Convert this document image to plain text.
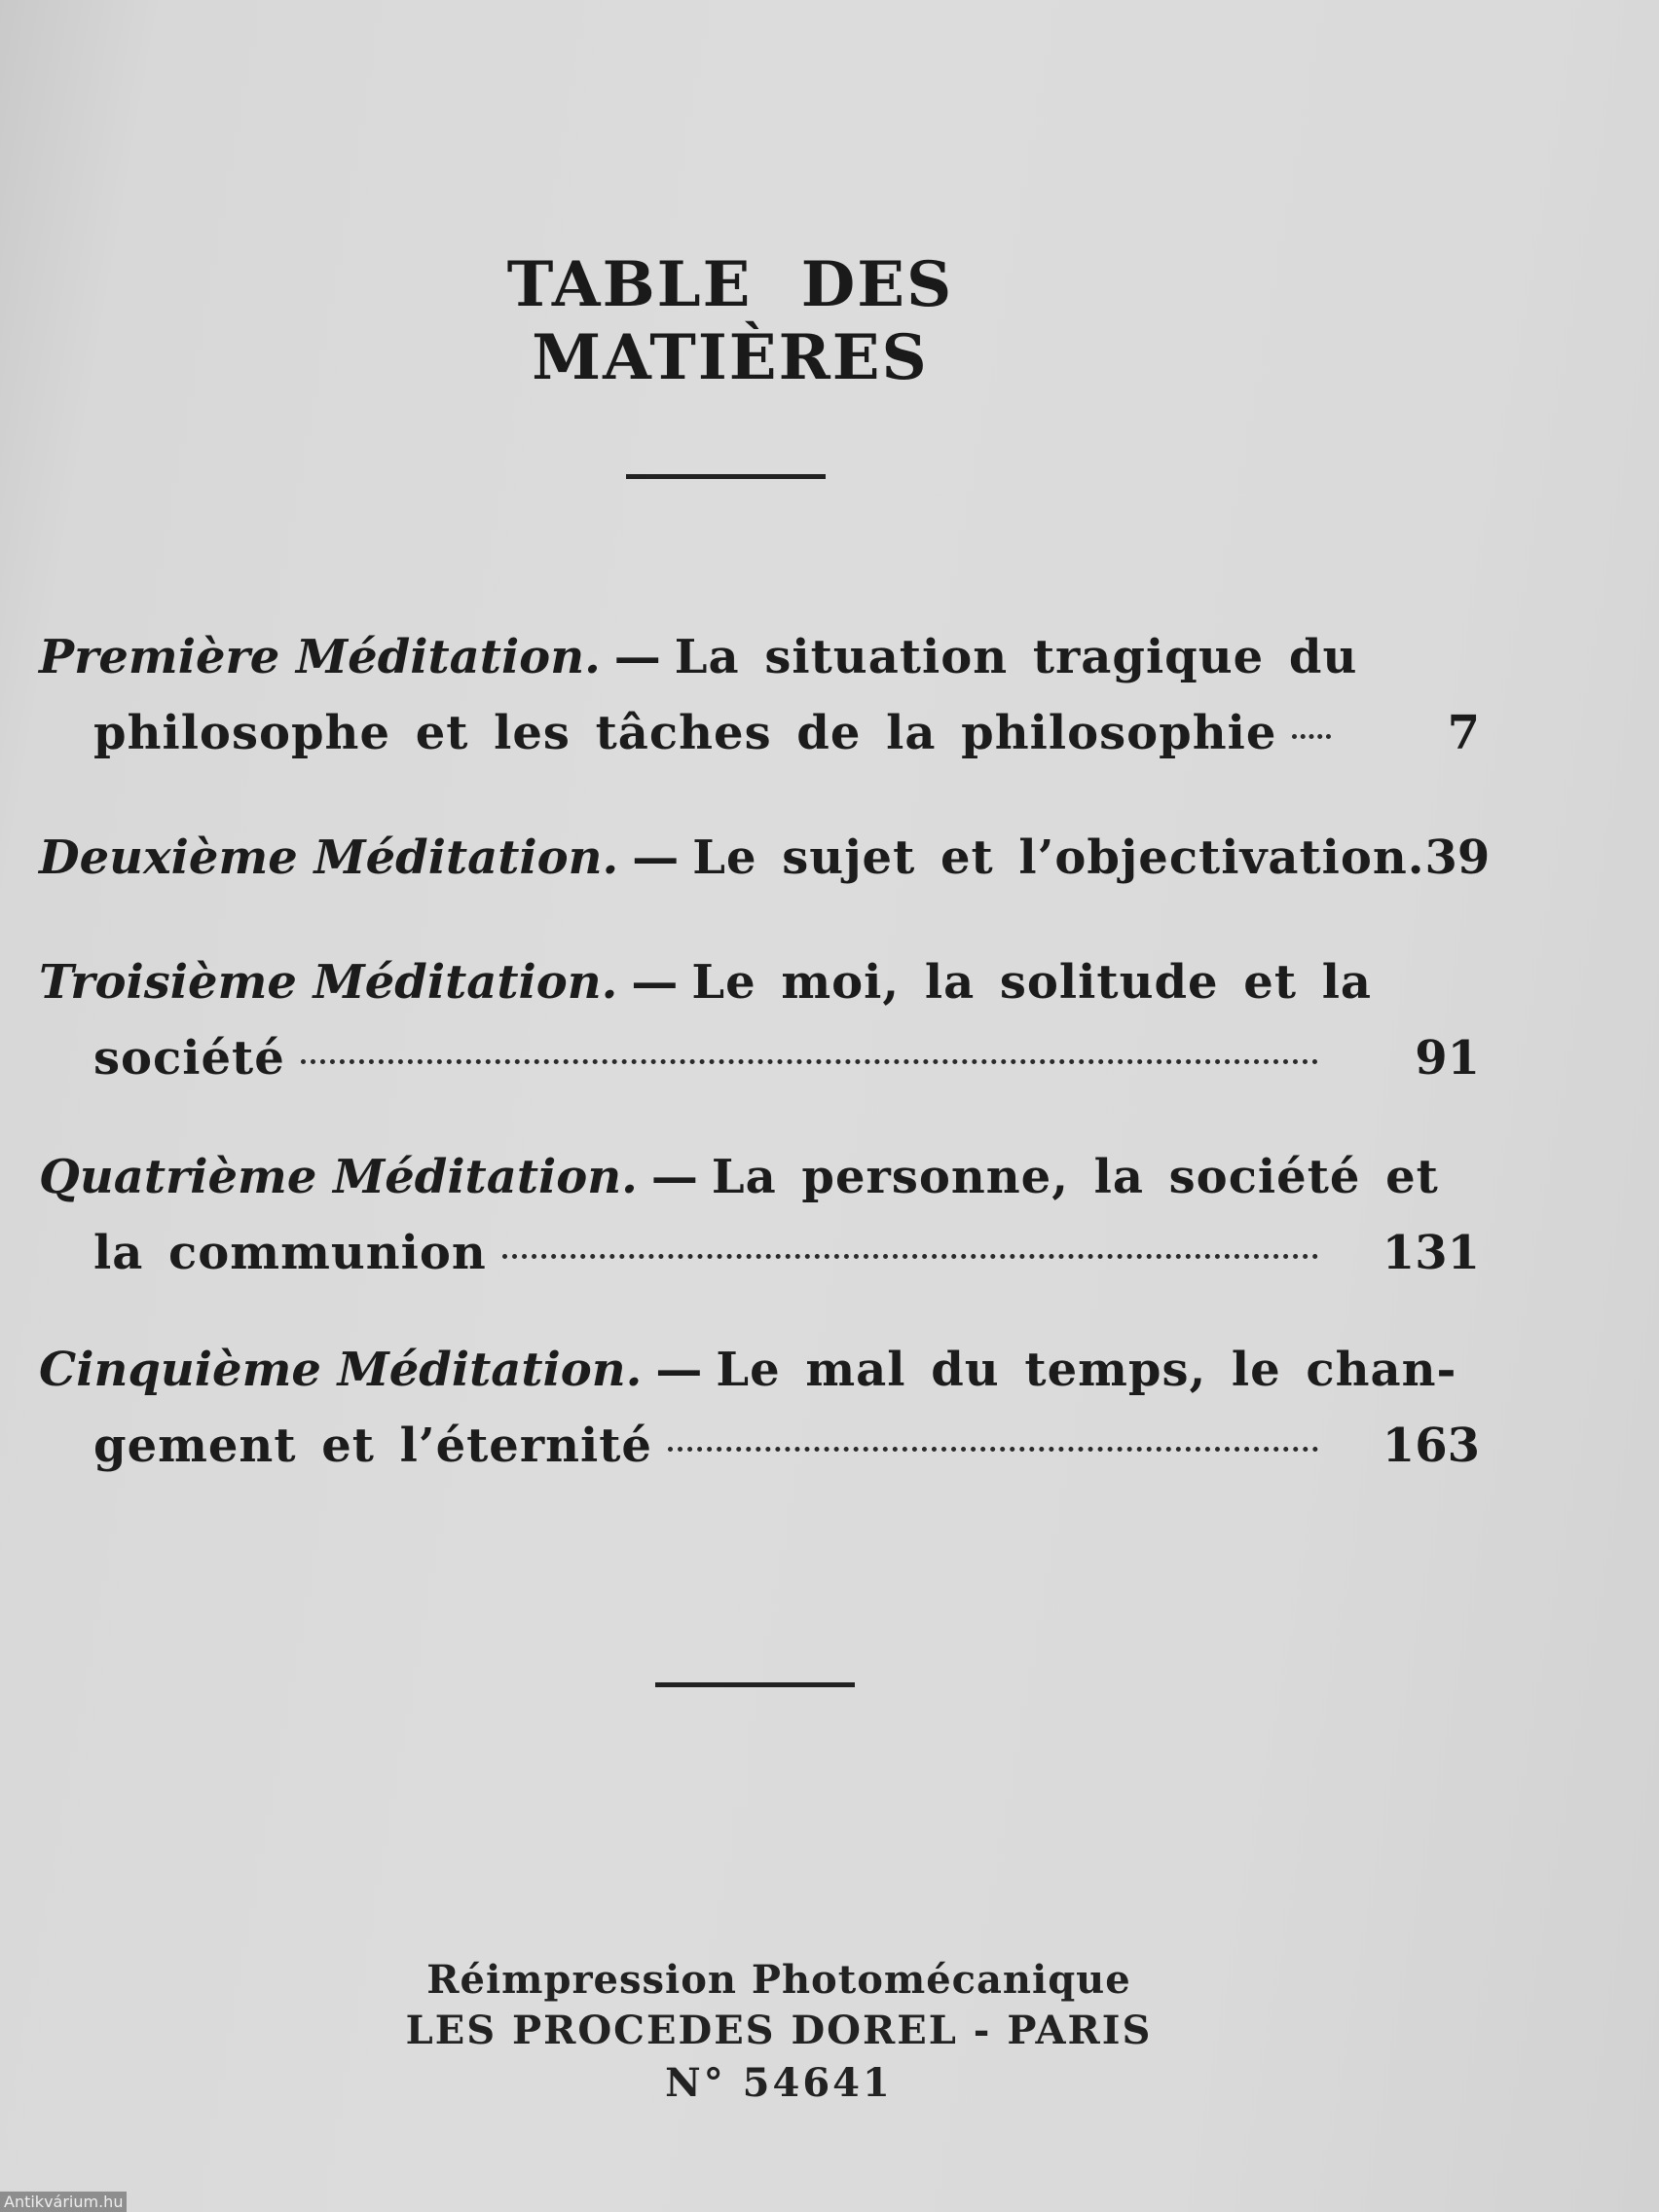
TABLE DES MATIÈRES
Première Méditation. — La situation tragique du
philosophe et les tâches de la philosophie	7
Deuxième Méditation. — Le sujet et l’objectivation. 39
Troisième Méditation. — Le moi, la solitude et la
société	91
Quatrième Méditation. — La personne, la société et
la communion	131
Cinquième Méditation. — Le mal du temps, le chan-
gement et l’éternité	163
Réimpression Photomécanique
LES PROCEDES DOREL - PARIS
N° 54641
Antikvárium.hu
